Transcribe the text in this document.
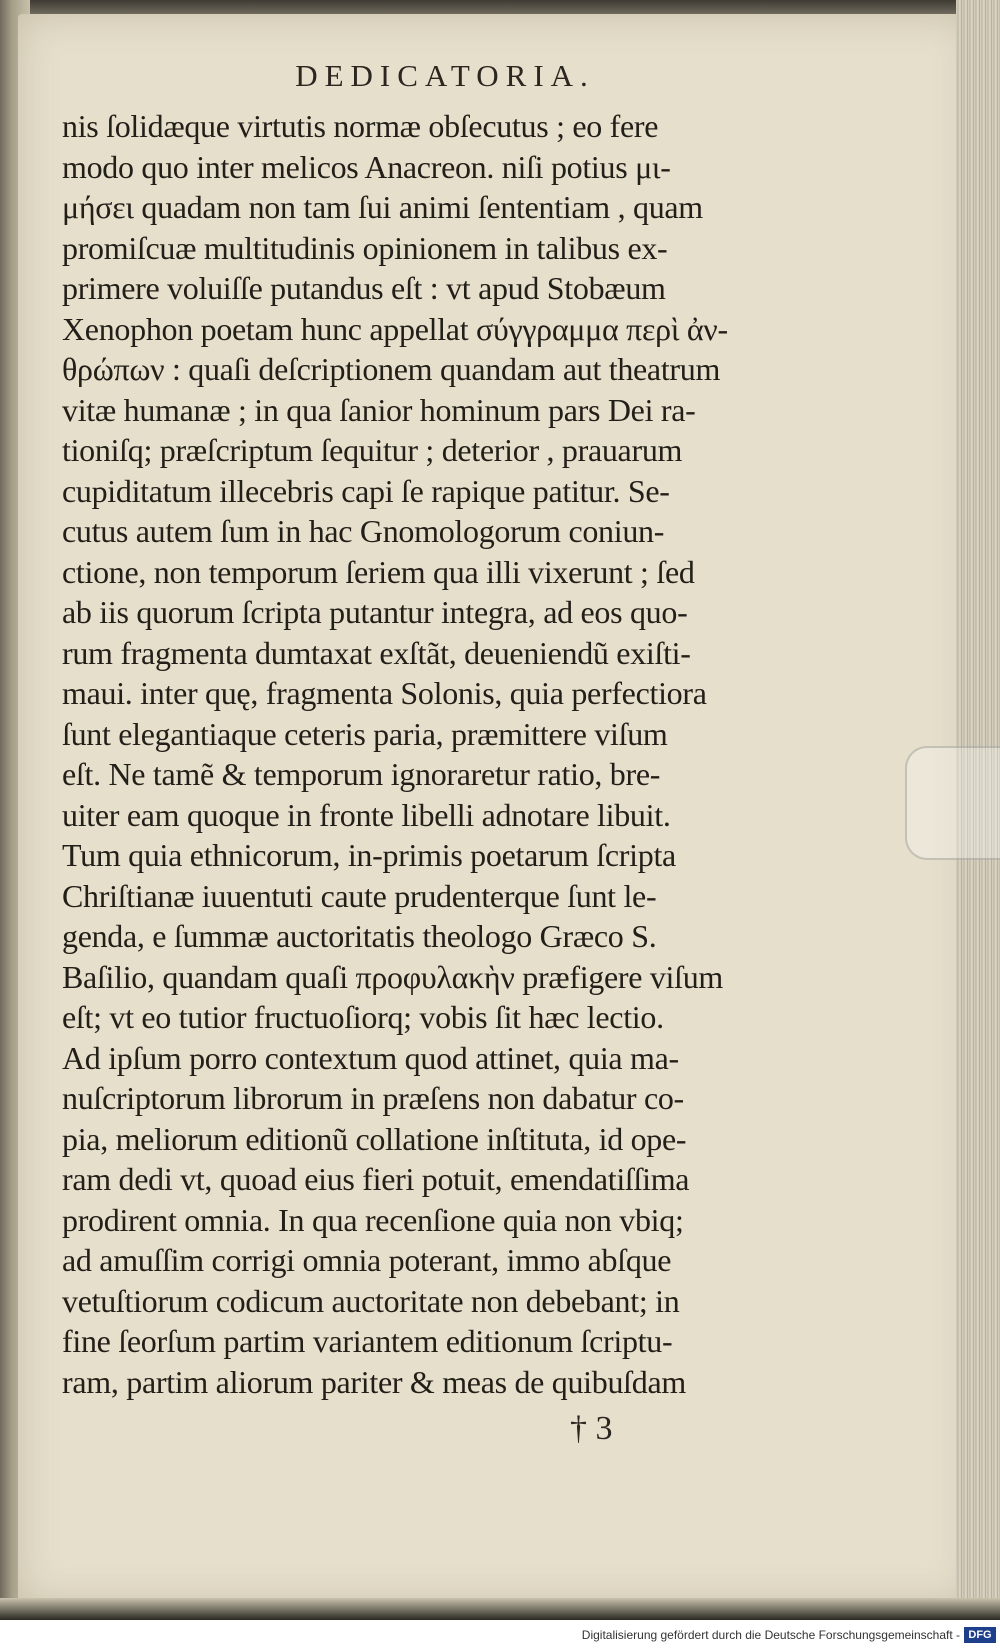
DEDICATORIA.
nis ſolidæque virtutis normæ obſecutus ; eo fere
modo quo inter melicos Anacreon. niſi potius μι-
μήσει quadam non tam ſui animi ſententiam , quam
promiſcuæ multitudinis opinionem in talibus ex-
primere voluiſſe putandus eſt : vt apud Stobæum
Xenophon poetam hunc appellat σύγγραμμα περὶ ἀν-
θρώπων : quaſi deſcriptionem quandam aut theatrum
vitæ humanæ ; in qua ſanior hominum pars Dei ra-
tioniſq; præſcriptum ſequitur ; deterior , prauarum
cupiditatum illecebris capi ſe rapique patitur. Se-
cutus autem ſum in hac Gnomologorum coniun-
ctione, non temporum ſeriem qua illi vixerunt ; ſed
ab iis quorum ſcripta putantur integra, ad eos quo-
rum fragmenta dumtaxat exſtãt, deueniendũ exiſti-
maui. inter quę, fragmenta Solonis, quia perfectiora
ſunt elegantiaque ceteris paria, præmittere viſum
eſt. Ne tamẽ & temporum ignoraretur ratio, bre-
uiter eam quoque in fronte libelli adnotare libuit.
Tum quia ethnicorum, in-primis poetarum ſcripta
Chriſtianæ iuuentuti caute prudenterque ſunt le-
genda, e ſummæ auctoritatis theologo Græco S.
Baſilio, quandam quaſi προφυλακὴν præfigere viſum
eſt; vt eo tutior fructuoſiorq; vobis ſit hæc lectio.
Ad ipſum porro contextum quod attinet, quia ma-
nuſcriptorum librorum in præſens non dabatur co-
pia, meliorum editionũ collatione inſtituta, id ope-
ram dedi vt, quoad eius fieri potuit, emendatiſſima
prodirent omnia. In qua recenſione quia non vbiq;
ad amuſſim corrigi omnia poterant, immo abſque
vetuſtiorum codicum auctoritate non debebant; in
fine ſeorſum partim variantem editionum ſcriptu-
ram, partim aliorum pariter & meas de quibuſdam
† 3
Digitalisierung gefördert durch die Deutsche Forschungsgemeinschaft - DFG
